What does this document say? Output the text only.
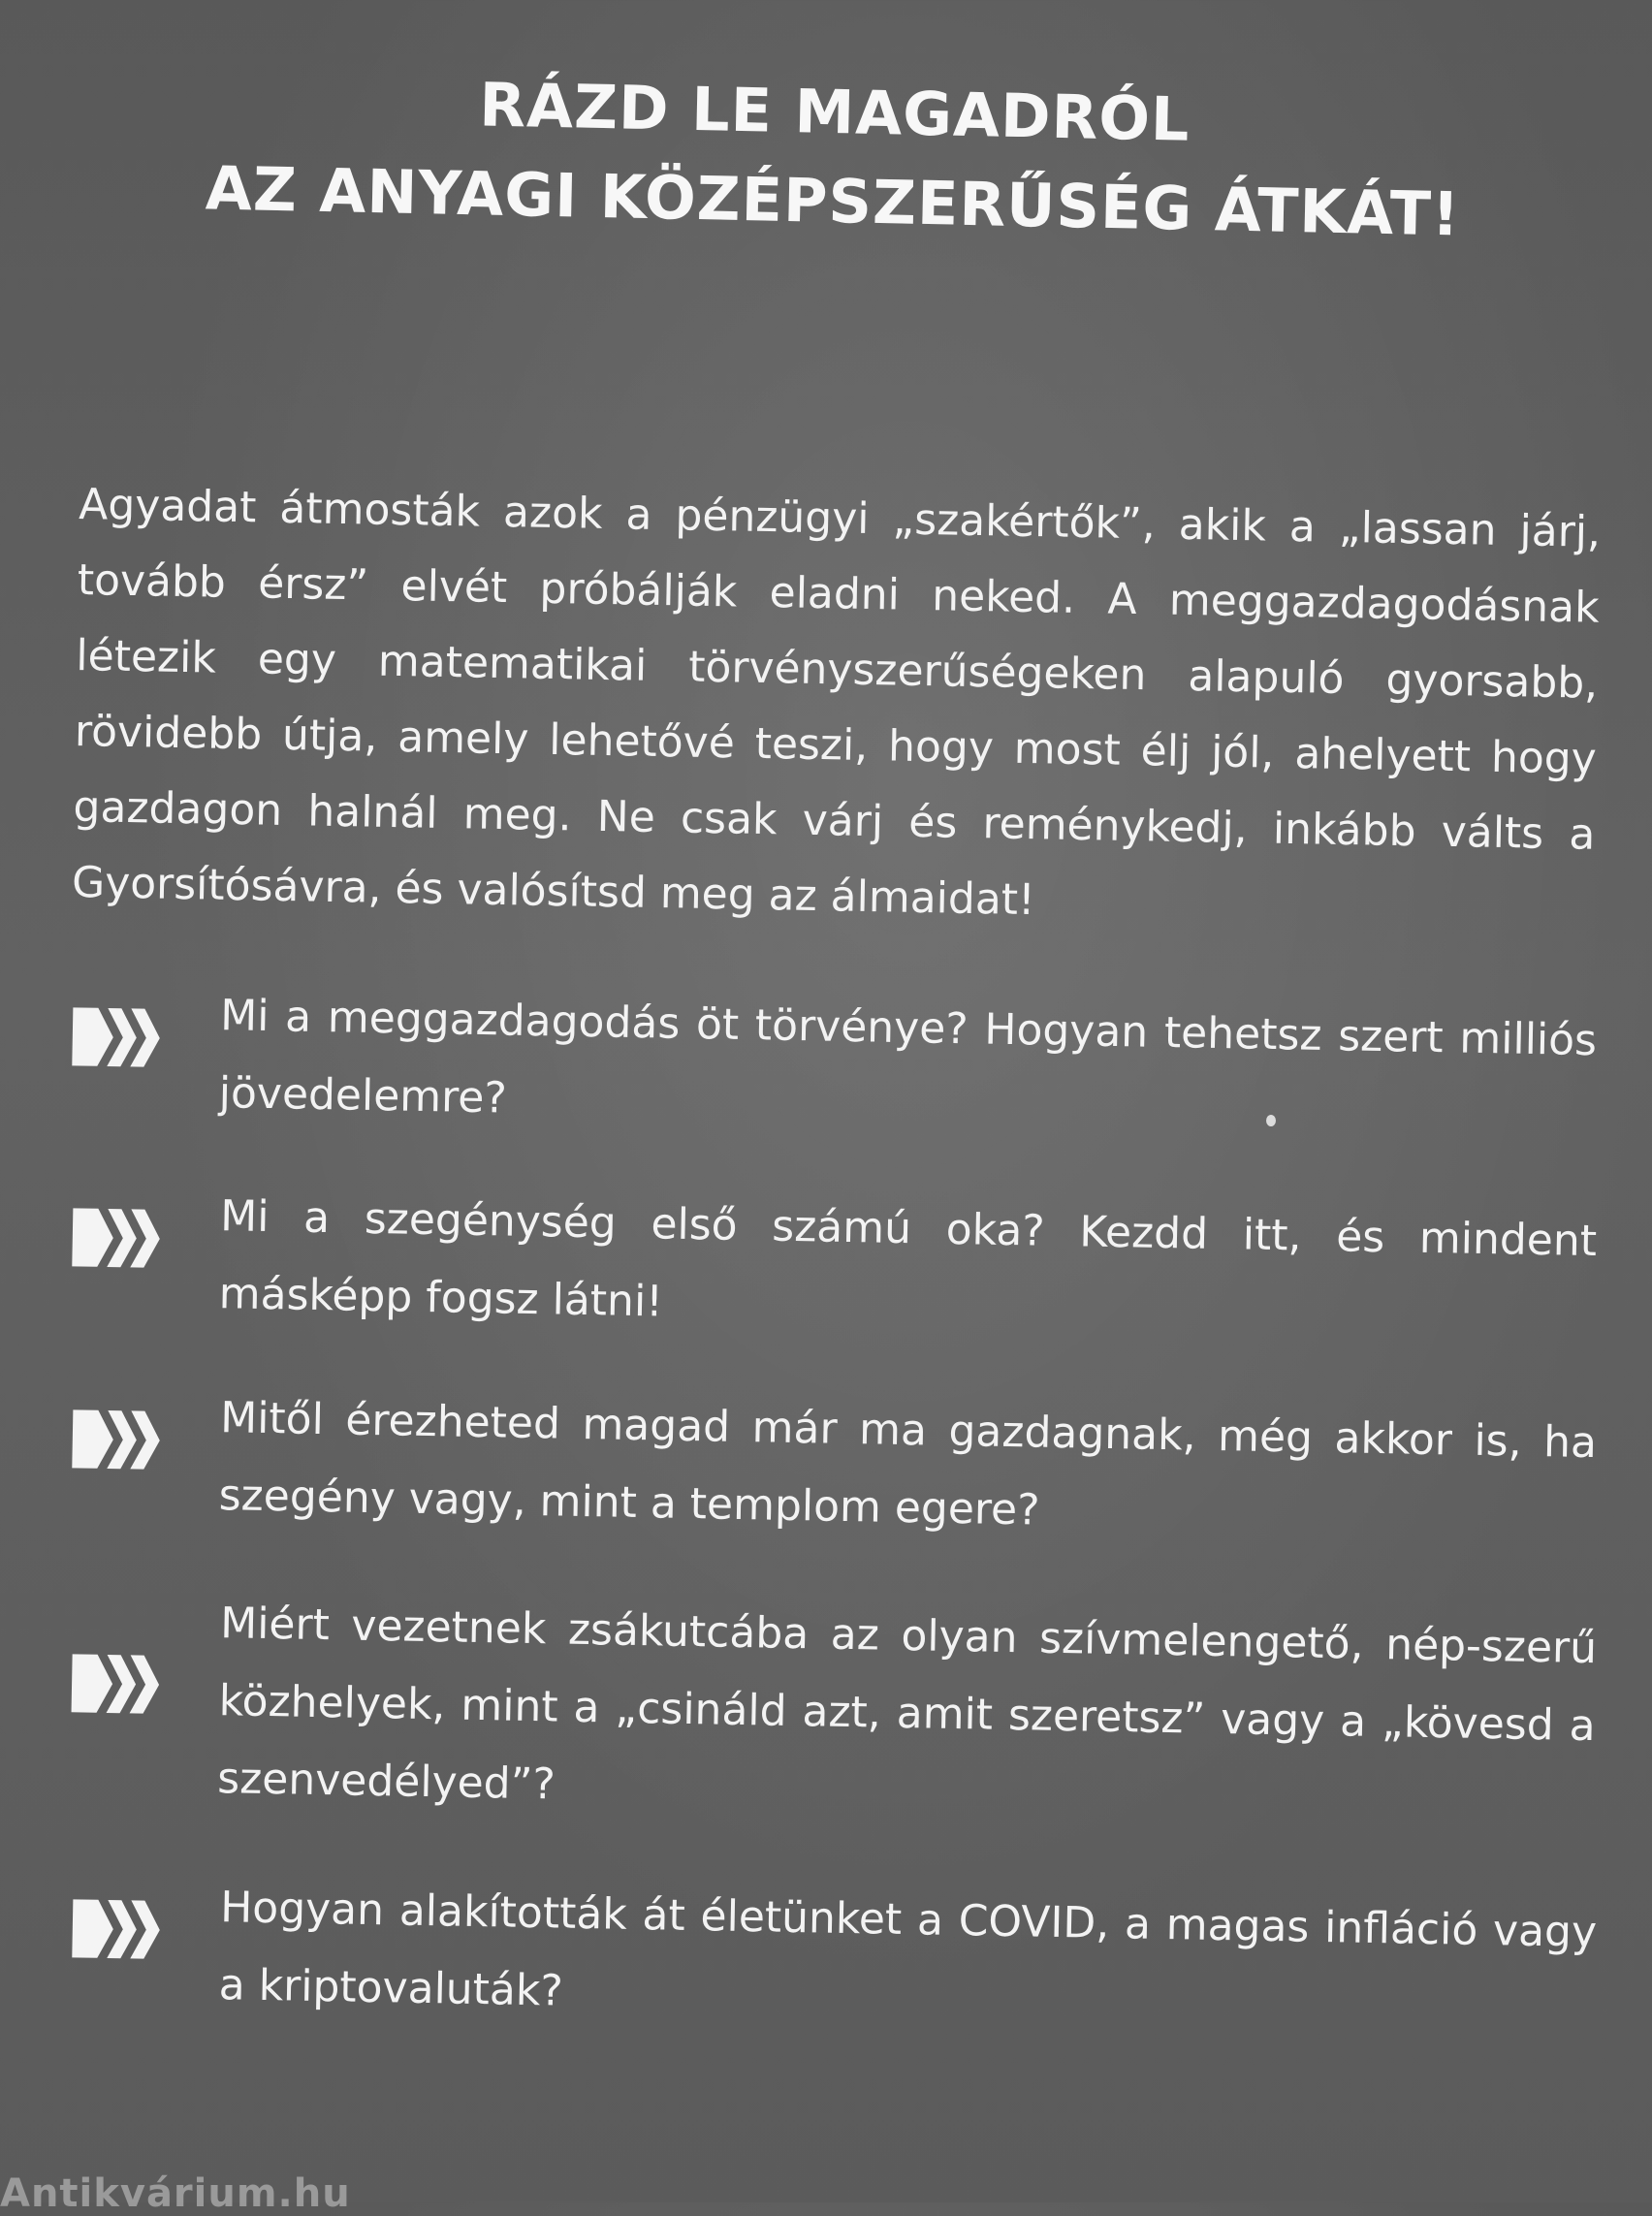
RÁZD LE MAGADRÓL
AZ ANYAGI KÖZÉPSZERŰSÉG ÁTKÁT!

Agyadat átmosták azok a pénzügyi „szakértők”, akik a „lassan járj, tovább érsz” elvét próbálják eladni neked. A meggazdagodásnak létezik egy matematikai törvényszerűségeken alapuló gyorsabb, rövidebb útja, amely lehetővé teszi, hogy most élj jól, ahelyett hogy gazdagon halnál meg. Ne csak várj és reménykedj, inkább válts a Gyorsítósávra, és valósítsd meg az álmaidat!

Mi a meggazdagodás öt törvénye? Hogyan tehetsz szert milliós jövedelemre?
Mi a szegénység első számú oka? Kezdd itt, és mindent másképp fogsz látni!
Mitől érezheted magad már ma gazdagnak, még akkor is, ha szegény vagy, mint a templom egere?
Miért vezetnek zsákutcába az olyan szívmelengető, nép-szerű közhelyek, mint a „csináld azt, amit szeretsz” vagy a „kövesd a szenvedélyed”?
Hogyan alakították át életünket a COVID, a magas infláció vagy a kriptovaluták?
Antikvárium.hu
